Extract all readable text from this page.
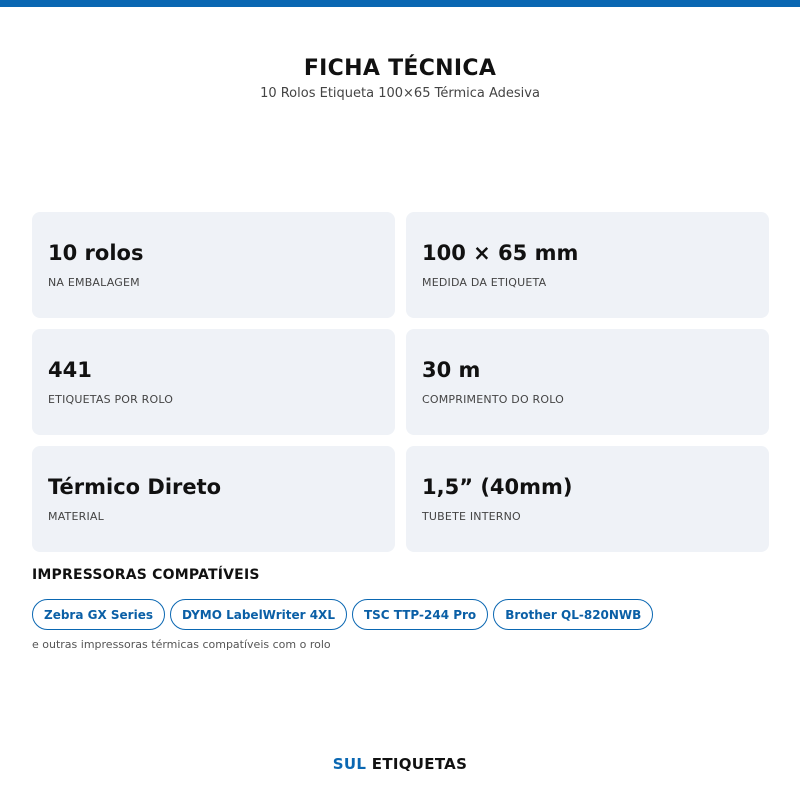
FICHA TÉCNICA
10 Rolos Etiqueta 100×65 Térmica Adesiva
10 rolos
NA EMBALAGEM
100 × 65 mm
MEDIDA DA ETIQUETA
441
ETIQUETAS POR ROLO
30 m
COMPRIMENTO DO ROLO
Térmico Direto
MATERIAL
1,5” (40mm)
TUBETE INTERNO
IMPRESSORAS COMPATÍVEIS
Zebra GX Series	DYMO LabelWriter 4XL	TSC TTP-244 Pro	Brother QL-820NWB
e outras impressoras térmicas compatíveis com o rolo
SUL ETIQUETAS
